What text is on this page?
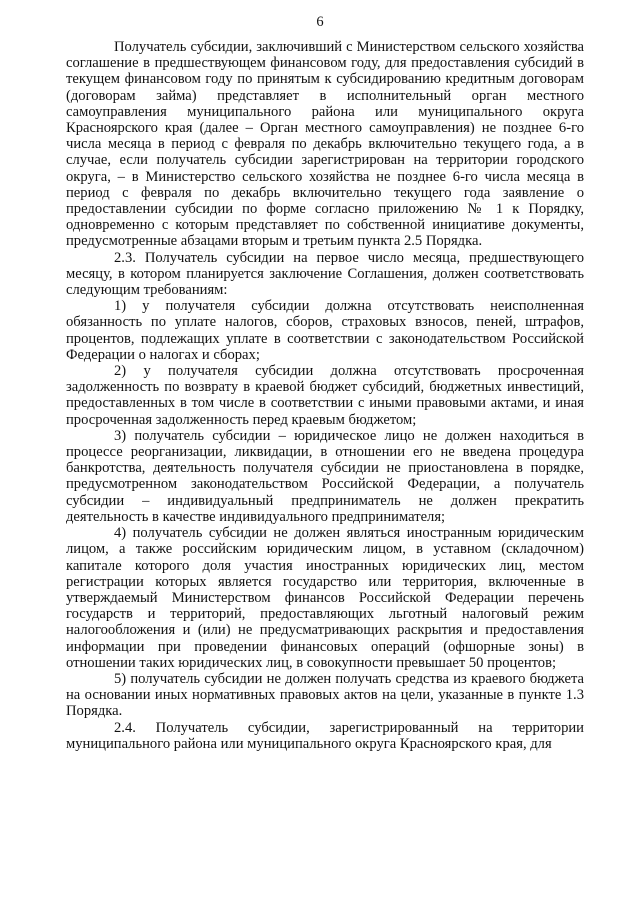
6

Получатель субсидии, заключивший с Министерством сельского хозяйства соглашение в предшествующем финансовом году, для предоставления субсидий в текущем финансовом году по принятым к субсидированию кредитным договорам (договорам займа) представляет в исполнительный орган местного самоуправления муниципального района или муниципального округа Красноярского края (далее – Орган местного самоуправления) не позднее 6-го числа месяца в период с февраля по декабрь включительно текущего года, а в случае, если получатель субсидии зарегистрирован на территории городского округа, – в Министерство сельского хозяйства не позднее 6-го числа месяца в период с февраля по декабрь включительно текущего года заявление о предоставлении субсидии по форме согласно приложению № 1 к Порядку, одновременно с которым представляет по собственной инициативе документы, предусмотренные абзацами вторым и третьим пункта 2.5 Порядка.

2.3. Получатель субсидии на первое число месяца, предшествующего месяцу, в котором планируется заключение Соглашения, должен соответствовать следующим требованиям:

1) у получателя субсидии должна отсутствовать неисполненная обязанность по уплате налогов, сборов, страховых взносов, пеней, штрафов, процентов, подлежащих уплате в соответствии с законодательством Российской Федерации о налогах и сборах;

2) у получателя субсидии должна отсутствовать просроченная задолженность по возврату в краевой бюджет субсидий, бюджетных инвестиций, предоставленных в том числе в соответствии с иными правовыми актами, и иная просроченная задолженность перед краевым бюджетом;

3) получатель субсидии – юридическое лицо не должен находиться в процессе реорганизации, ликвидации, в отношении его не введена процедура банкротства, деятельность получателя субсидии не приостановлена в порядке, предусмотренном законодательством Российской Федерации, а получатель субсидии – индивидуальный предприниматель не должен прекратить деятельность в качестве индивидуального предпринимателя;

4) получатель субсидии не должен являться иностранным юридическим лицом, а также российским юридическим лицом, в уставном (складочном) капитале которого доля участия иностранных юридических лиц, местом регистрации которых является государство или территория, включенные в утверждаемый Министерством финансов Российской Федерации перечень государств и территорий, предоставляющих льготный налоговый режим налогообложения и (или) не предусматривающих раскрытия и предоставления информации при проведении финансовых операций (офшорные зоны) в отношении таких юридических лиц, в совокупности превышает 50 процентов;

5) получатель субсидии не должен получать средства из краевого бюджета на основании иных нормативных правовых актов на цели, указанные в пункте 1.3 Порядка.

2.4. Получатель субсидии, зарегистрированный на территории муниципального района или муниципального округа Красноярского края, для
